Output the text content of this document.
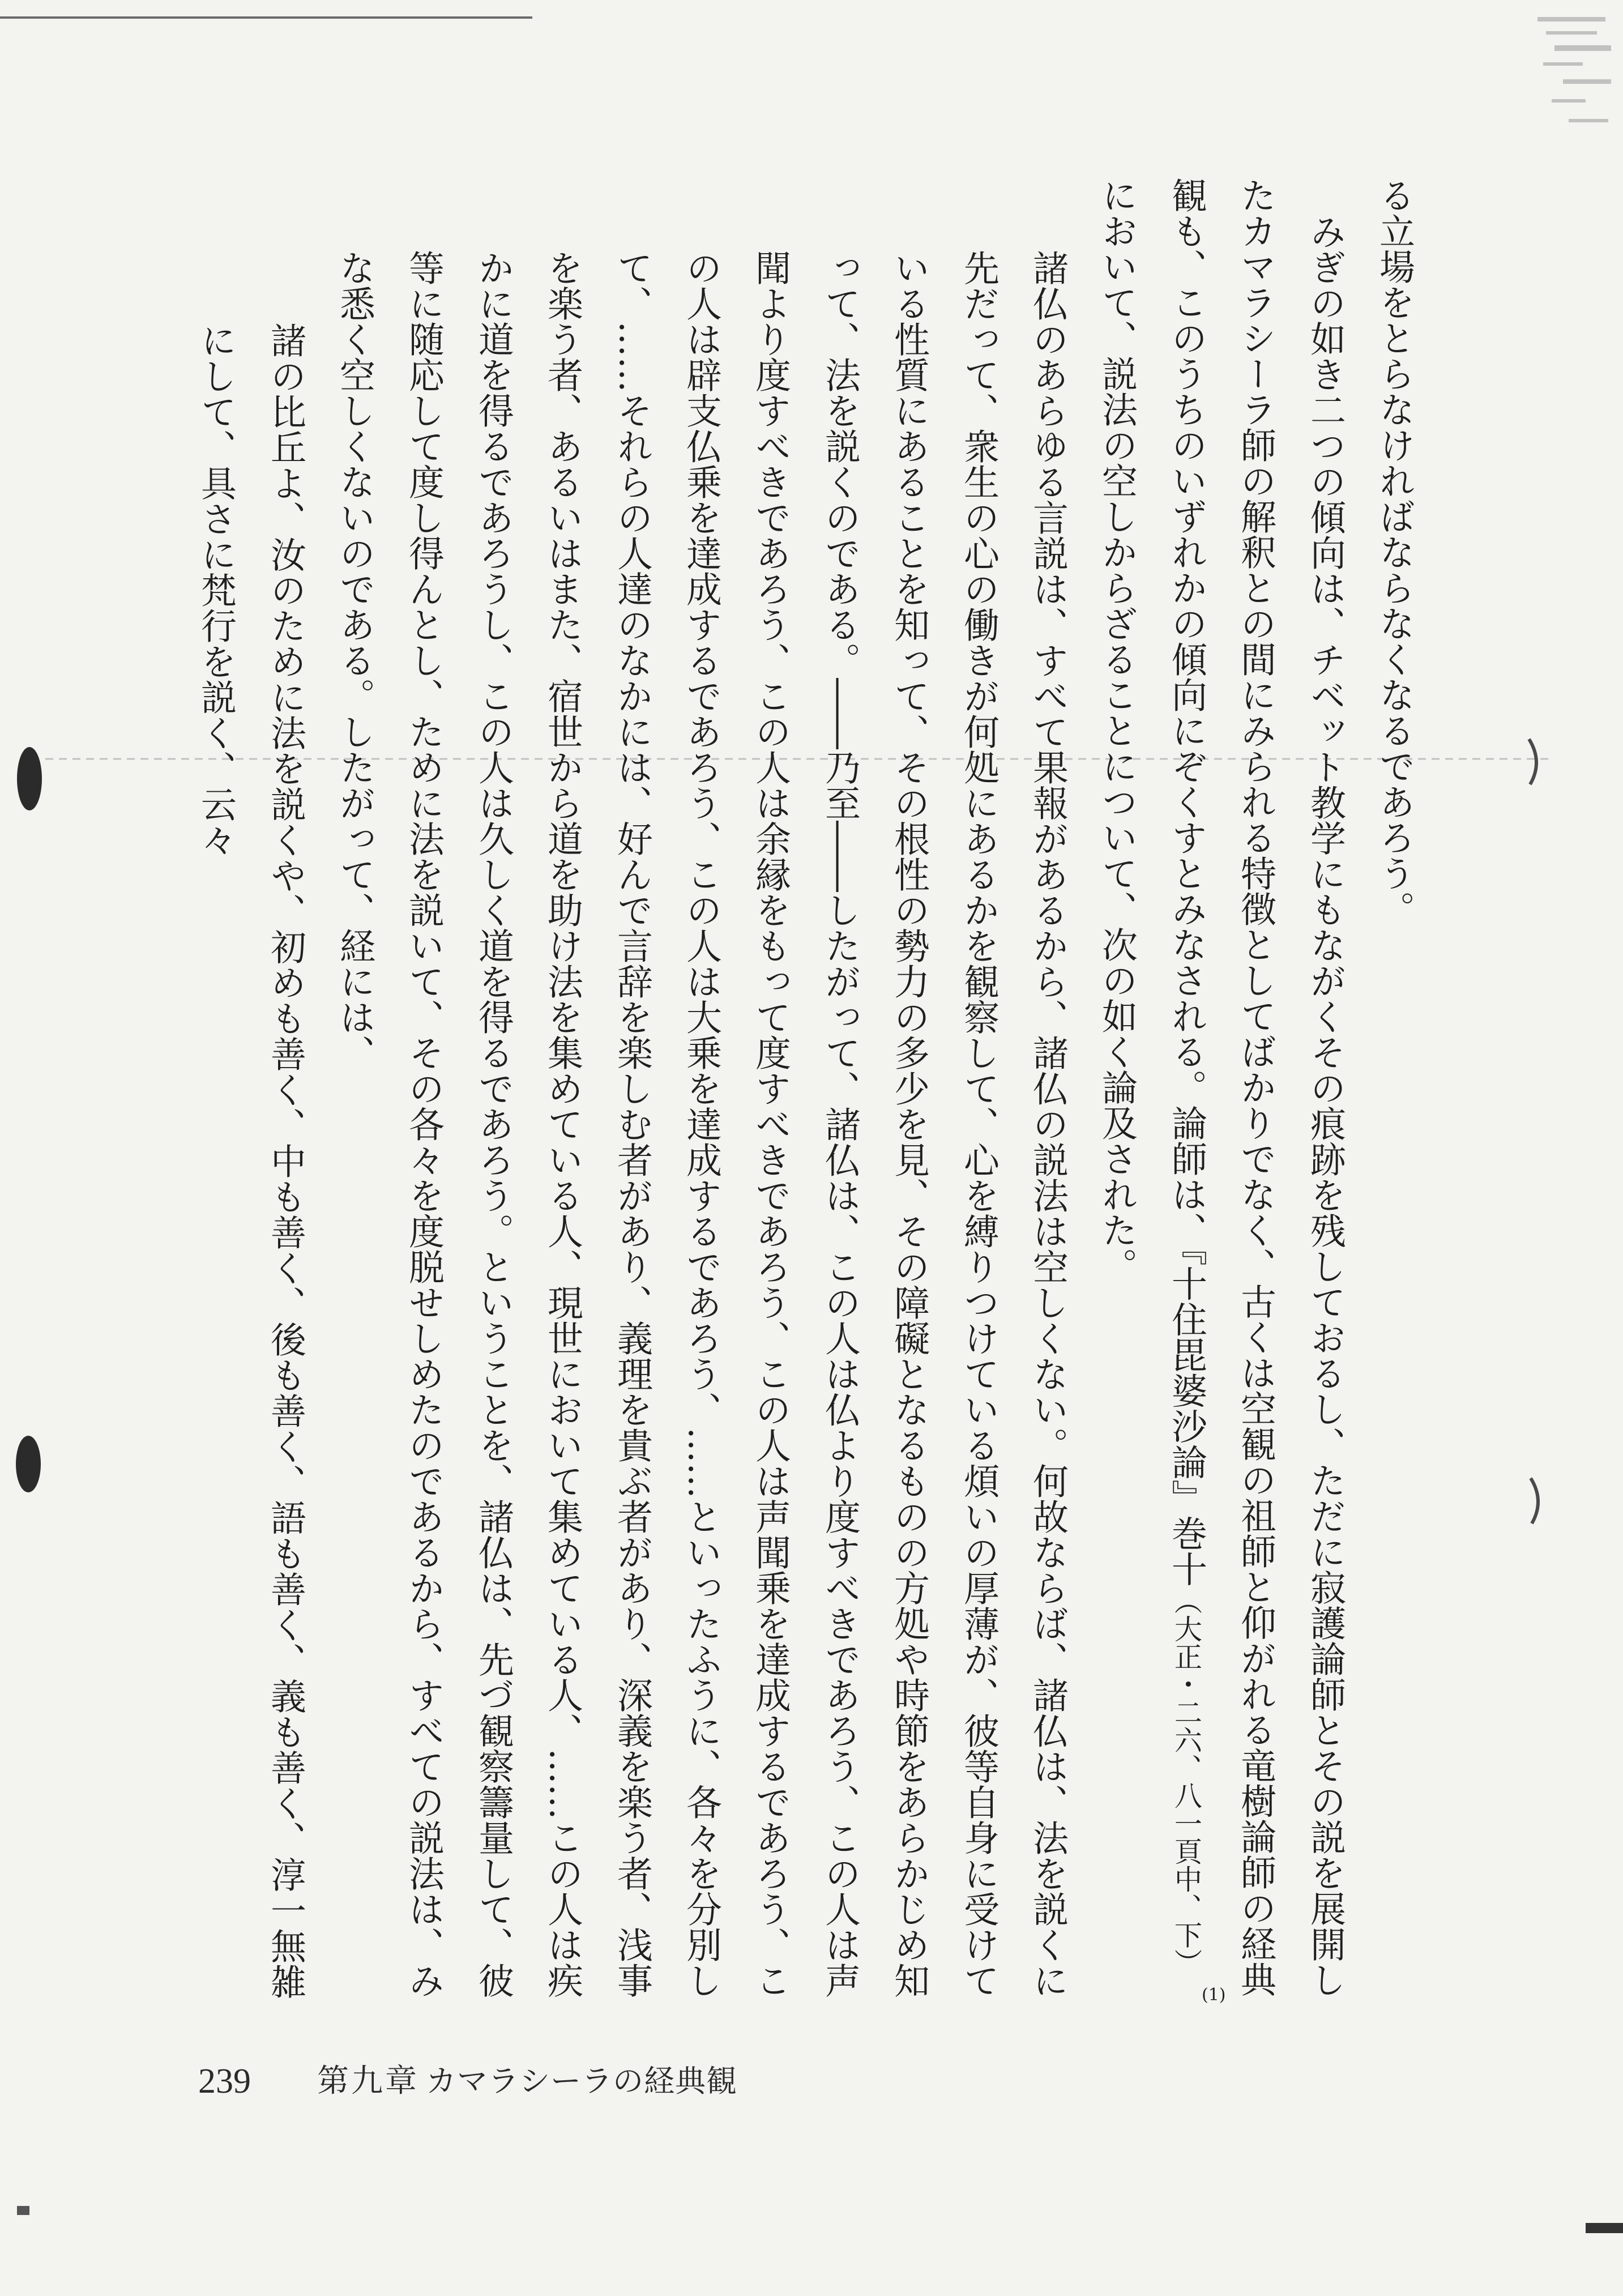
る立場をとらなければならなくなるであろう。
みぎの如き二つの傾向は、チベット教学にもながくその痕跡を残しておるし、ただに寂護論師とその説を展開し
たカマラシーラ師の解釈との間にみられる特徴としてばかりでなく、古くは空観の祖師と仰がれる竜樹論師の経典
観も、このうちのいずれかの傾向にぞくすとみなされる。論師は、『十住毘婆沙論』巻十（大正・二六、八一頁中、下）
(1)
において、説法の空しからざることについて、次の如く論及された。
諸仏のあらゆる言説は、すべて果報があるから、諸仏の説法は空しくない。何故ならば、諸仏は、法を説くに
先だって、衆生の心の働きが何処にあるかを観察して、心を縛りつけている煩いの厚薄が、彼等自身に受けて
いる性質にあることを知って、その根性の勢力の多少を見、その障礙となるものの方処や時節をあらかじめ知
って、法を説くのである。――乃至――したがって、諸仏は、この人は仏より度すべきであろう、この人は声
聞より度すべきであろう、この人は余縁をもって度すべきであろう、この人は声聞乗を達成するであろう、こ
の人は辟支仏乗を達成するであろう、この人は大乗を達成するであろう、……といったふうに、各々を分別し
て、……それらの人達のなかには、好んで言辞を楽しむ者があり、義理を貴ぶ者があり、深義を楽う者、浅事
を楽う者、あるいはまた、宿世から道を助け法を集めている人、現世において集めている人、……この人は疾
かに道を得るであろうし、この人は久しく道を得るであろう。ということを、諸仏は、先づ観察籌量して、彼
等に随応して度し得んとし、ために法を説いて、その各々を度脱せしめたのであるから、すべての説法は、み
な悉く空しくないのである。したがって、経には、
諸の比丘よ、汝のために法を説くや、初めも善く、中も善く、後も善く、語も善く、義も善く、淳一無雑
にして、具さに梵行を説く、云々
239 第九章 カマラシーラの経典観
